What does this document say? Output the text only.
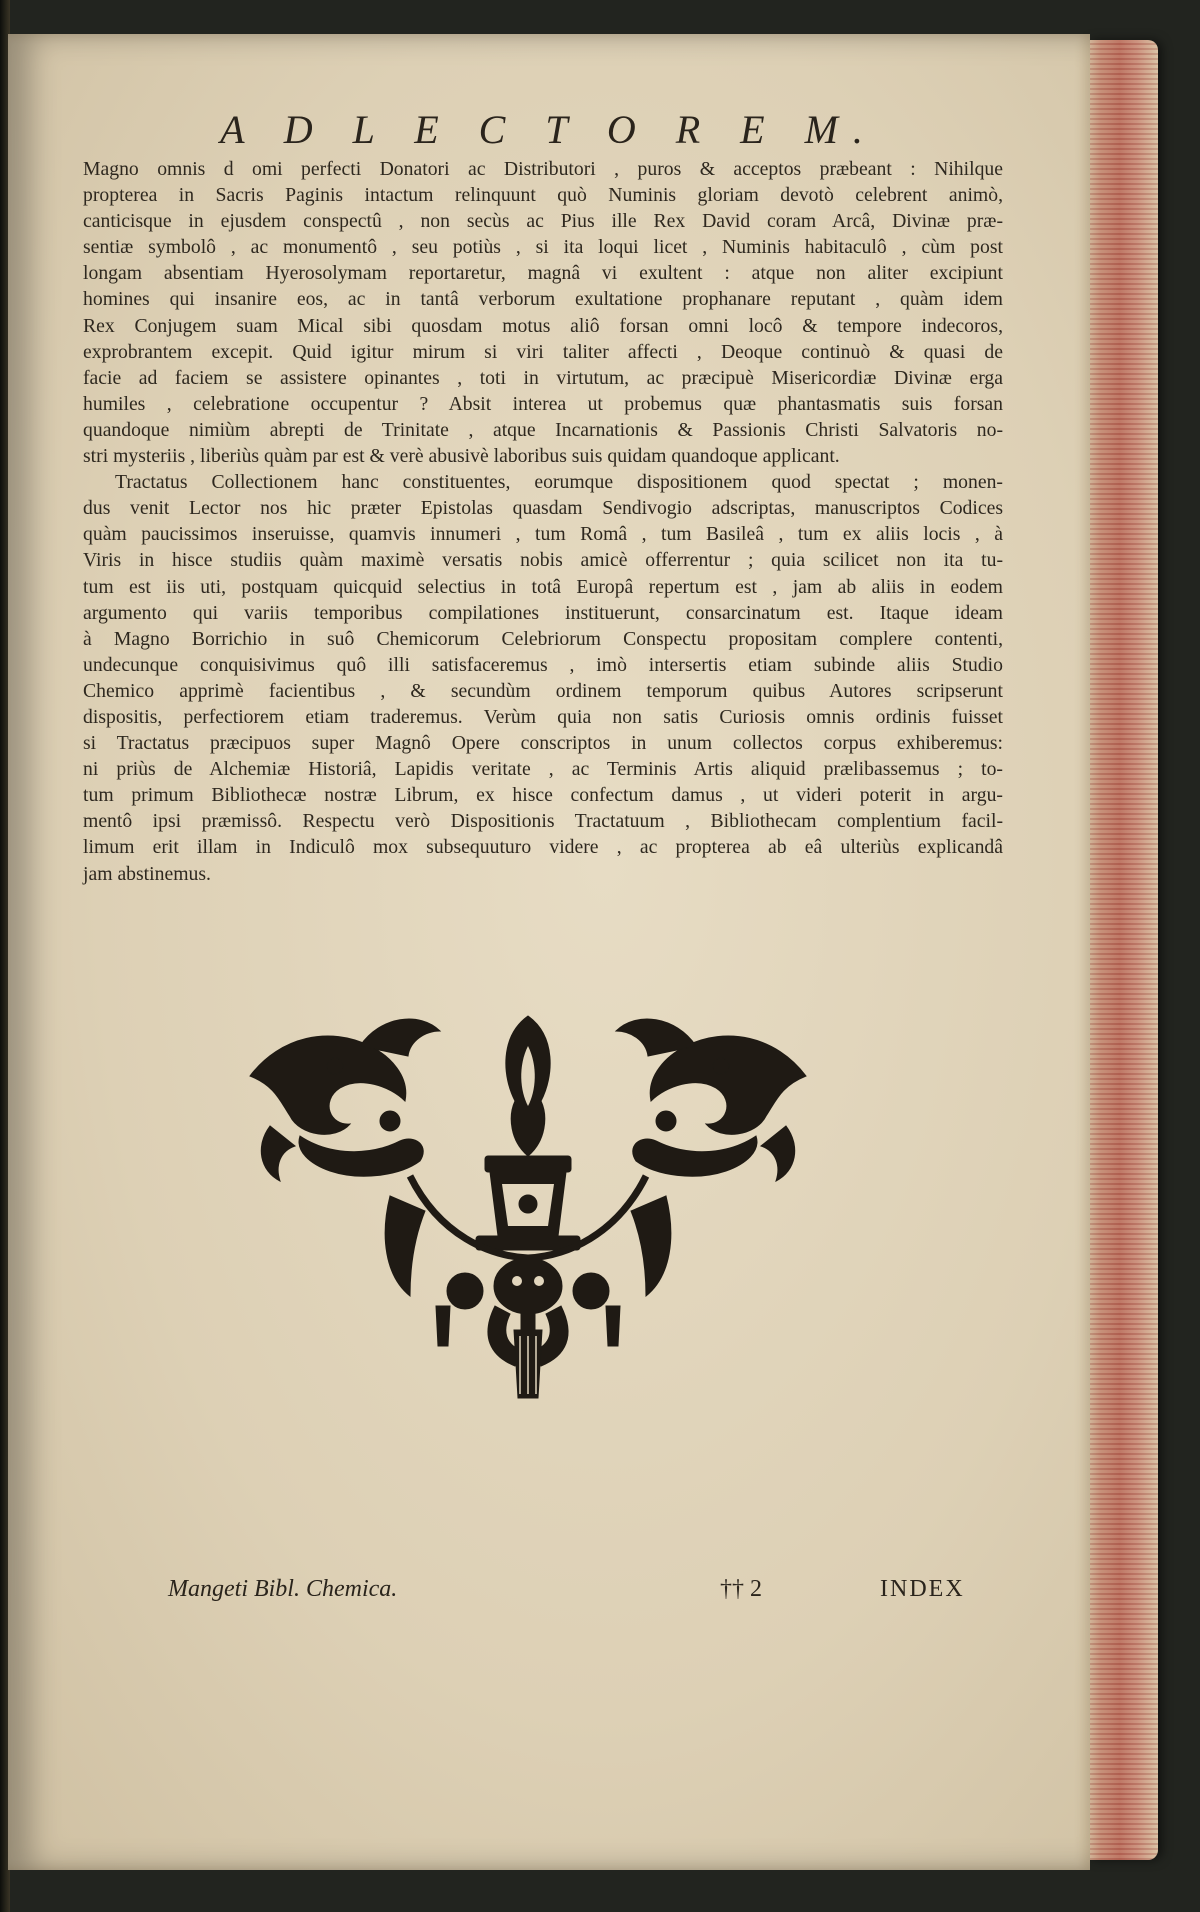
A D L E C T O R E M.
Magno omnis d omi perfecti Donatori ac Distributori , puros & acceptos præbeant : Nihilque
propterea in Sacris Paginis intactum relinquunt quò Numinis gloriam devotò celebrent animò,
canticisque in ejusdem conspectû , non secùs ac Pius ille Rex David coram Arcâ, Divinæ præ-
sentiæ symbolô , ac monumentô , seu potiùs , si ita loqui licet , Numinis habitaculô , cùm post
longam absentiam Hyerosolymam reportaretur, magnâ vi exultent : atque non aliter excipiunt
homines qui insanire eos, ac in tantâ verborum exultatione prophanare reputant , quàm idem
Rex Conjugem suam Mical sibi quosdam motus aliô forsan omni locô & tempore indecoros,
exprobrantem excepit. Quid igitur mirum si viri taliter affecti , Deoque continuò & quasi de
facie ad faciem se assistere opinantes , toti in virtutum, ac præcipuè Misericordiæ Divinæ erga
humiles , celebratione occupentur ? Absit interea ut probemus quæ phantasmatis suis forsan
quandoque nimiùm abrepti de Trinitate , atque Incarnationis & Passionis Christi Salvatoris no-
stri mysteriis , liberiùs quàm par est & verè abusivè laboribus suis quidam quandoque applicant.
Tractatus Collectionem hanc constituentes, eorumque dispositionem quod spectat ; monen-
dus venit Lector nos hic præter Epistolas quasdam Sendivogio adscriptas, manuscriptos Codices
quàm paucissimos inseruisse, quamvis innumeri , tum Româ , tum Basileâ , tum ex aliis locis , à
Viris in hisce studiis quàm maximè versatis nobis amicè offerrentur ; quia scilicet non ita tu-
tum est iis uti, postquam quicquid selectius in totâ Europâ repertum est , jam ab aliis in eodem
argumento qui variis temporibus compilationes instituerunt, consarcinatum est. Itaque ideam
à Magno Borrichio in suô Chemicorum Celebriorum Conspectu propositam complere contenti,
undecunque conquisivimus quô illi satisfaceremus , imò intersertis etiam subinde aliis Studio
Chemico apprimè facientibus , & secundùm ordinem temporum quibus Autores scripserunt
dispositis, perfectiorem etiam traderemus. Verùm quia non satis Curiosis omnis ordinis fuisset
si Tractatus præcipuos super Magnô Opere conscriptos in unum collectos corpus exhiberemus:
ni priùs de Alchemiæ Historiâ, Lapidis veritate , ac Terminis Artis aliquid prælibassemus ; to-
tum primum Bibliothecæ nostræ Librum, ex hisce confectum damus , ut videri poterit in argu-
mentô ipsi præmissô. Respectu verò Dispositionis Tractatuum , Bibliothecam complentium facil-
limum erit illam in Indiculô mox subsequuturo videre , ac propterea ab eâ ulteriùs explicandâ
jam abstinemus.
Mangeti Bibl. Chemica.	†† 2	INDEX
